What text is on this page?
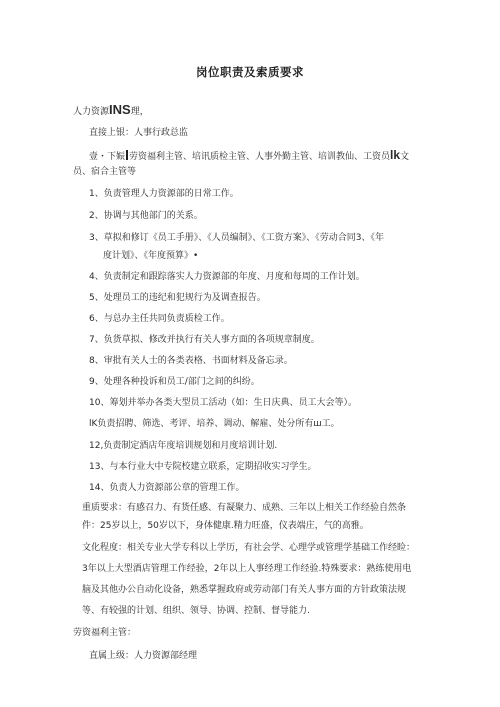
岗位职责及索质要求
人力资源INS理，
直接上银：人事行政总监
壹・下娠 劳资福利主管、培讯质检主管、人事外勤主管、培训教仙、工资员lk文
员、宿合主管等
1、负责管理人力资源部的日常工作。
2、协调与其他部门的关系。
3、草拟和修订《员工手册》、《人员编制》、《工资方案》、《劳动合同3、《年
度计划》、《年度预算》•
4、负责制定和跟踪落实人力资源部的年度、月度和每周的工作计划。
5、处理员工的违纪和犯规行为及调查报告。
6、与总办主任共同负责质检工作。
7、负货草拟、修改并执行有关人事方面的各项规章制度。
8、审批有关人士的各类表格、书面材料及备忘录。
9、处理各种投诉和员工/部门之间的纠纷。
10、筹划并举办各类大型员工活动（如：生日庆典、员工大会等）。
lK负责招聘、筛选、考评、培养、调动、解雇、处分所有ш工。
12,负责制定酒店年度培训规划和月度培训计划.
13、与本行业大中专院校建立联系，定期招收实习学生。
14、负责人力资源部公章的管理工作。
重质要求：有感召力、有货任感、有凝聚力、成熟、三年以上相关工作经验自然条
件：25岁以上，50岁以下，身体健康.精力旺盛，仪表端庄，气的高雅。
文化程度：相关专业大学专科以上学历，有社会学、心理学或管理学基础工作经睑：
3年以上大型酒店管理工作经验，2年以上人事经理工作经验.特殊要求：熟练使用电
脑及其他办公自动化设备，熟悉掌握政府或劳动部门有关人事方面的方针政策法规
等、有较强的计划、组织、领导、协调、控制、督导能力.
劳资福利主管：
直属上级：人力资源部经理
